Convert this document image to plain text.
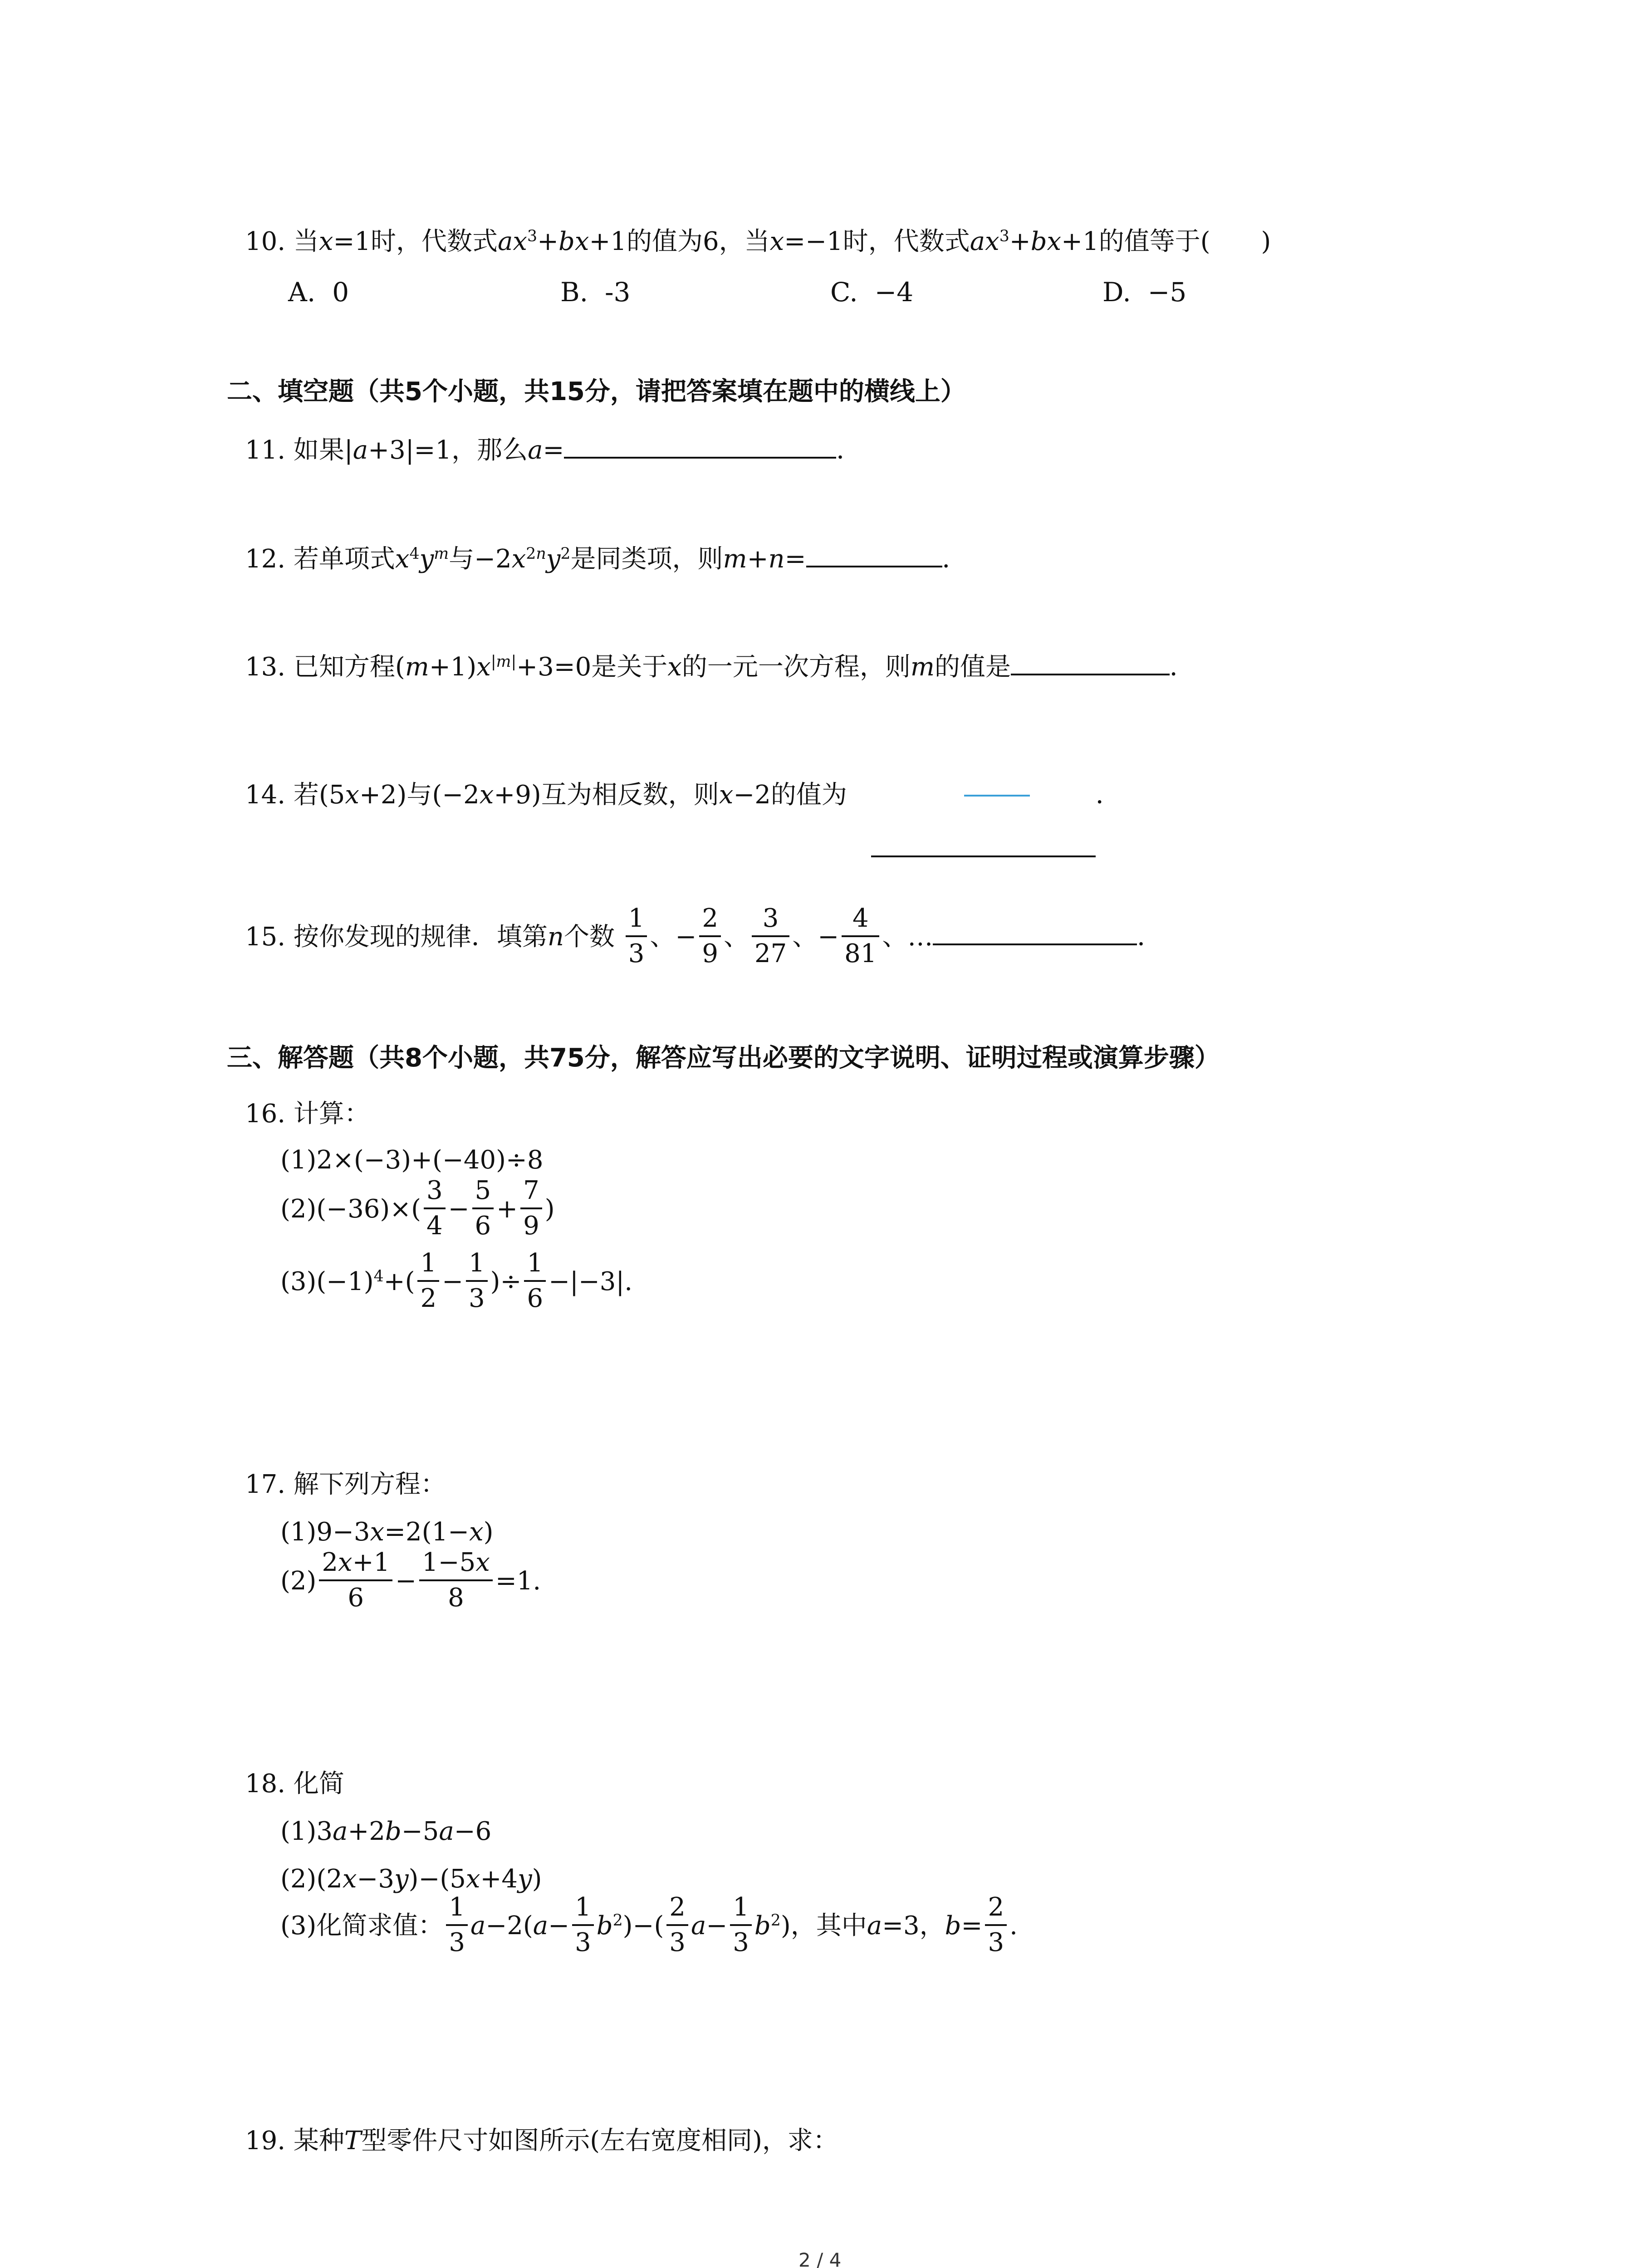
10. 当x=1时，代数式$ax^3+bx+1$的值为6，当x=−1时，代数式$ax^3+bx+1$的值等于(　　)
A. 0	B. -3	C. −4	D. −5
二、填空题（共5个小题，共15分，请把答案填在题中的横线上）
11. 如果|a+3|=1，那么a=	．
12. 若单项式$x^4y^m$与$-2x^{2n}y^2$是同类项，则m+n=	．
13. 已知方程$(m+1)x^{|m|}+3=0$是关于x的一元一次方程，则m的值是	．
14. 若(5x+2)与(−2x+9)互为相反数，则x−2的值为	．
15. 按你发现的规律．填第n个数 $\frac{1}{3}$ 、− $\frac{2}{9}$ 、 $\frac{3}{27}$ 、− $\frac{4}{81}$ 、…	．
三、解答题（共8个小题，共75分，解答应写出必要的文字说明、证明过程或演算步骤）
16. 计算：
(1)2×(−3)+(−40)÷8
$(2)(-36)\times( \frac{3}{4} - \frac{5}{6} + \frac{7}{9}$ )
$(3)(-1)^4+( \frac{1}{2} - \frac{1}{3}$ )÷ $\frac{1}{6} -|-3|$.
17. 解下列方程：
(1)9−3x=2(1−x)
$(2) \frac{2x+1}{6} - \frac{1-5x}{8} =1$.
18. 化简
(1)3a+2b−5a−6
(2)(2x−3y)−(5x+4y)
(3)化简求值： $\frac{1}{3} a-2(a- \frac{1}{3} b^2)-( \frac{2}{3} a- \frac{1}{3} b^2)$，其中a=3，$b= \frac{2}{3}$ .
19. 某种T型零件尺寸如图所示(左右宽度相同)，求：
2 / 4
